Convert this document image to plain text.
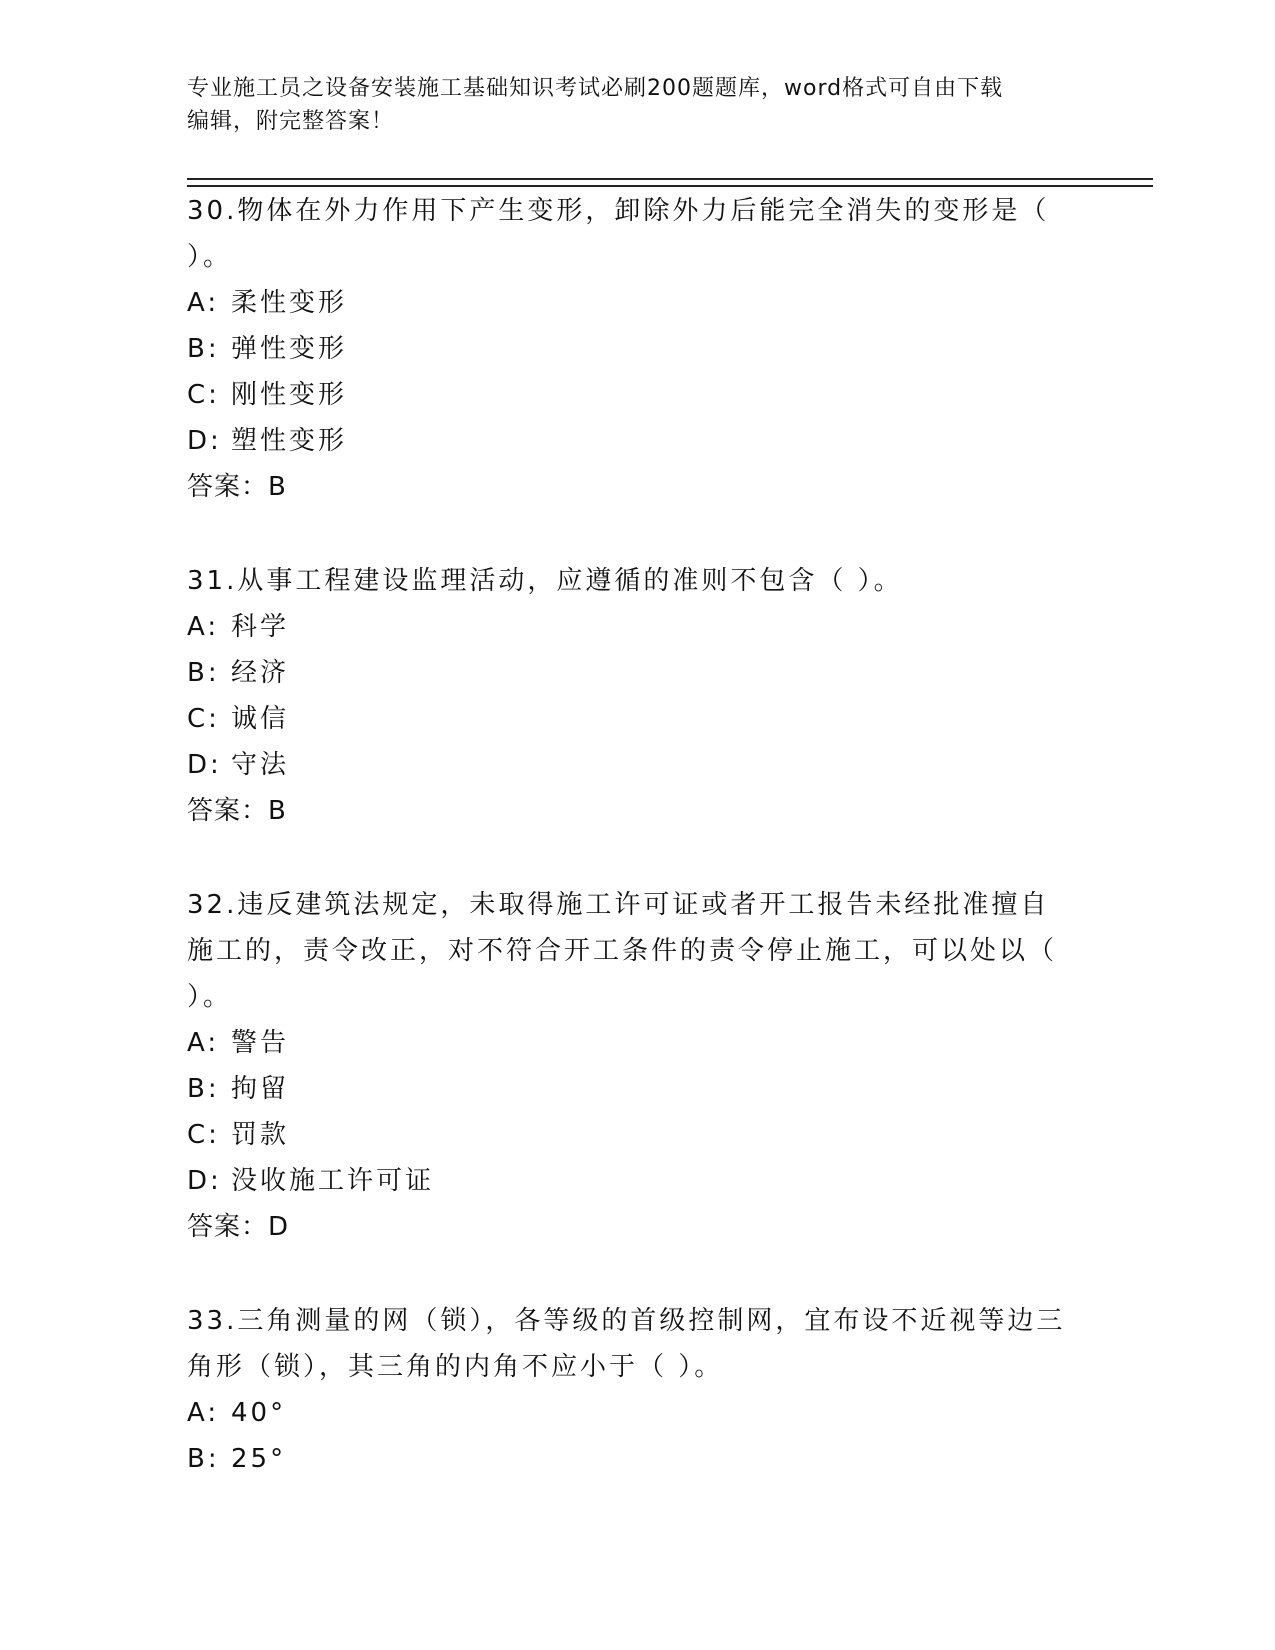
专业施工员之设备安装施工基础知识考试必刷200题题库，word格式可自由下载
编辑，附完整答案！
30.物体在外力作用下产生变形，卸除外力后能完全消失的变形是（ ）。
A: 柔性变形
B: 弹性变形
C: 刚性变形
D: 塑性变形
答案：B
31.从事工程建设监理活动，应遵循的准则不包含（ ）。
A: 科学
B: 经济
C: 诚信
D: 守法
答案：B
32.违反建筑法规定，未取得施工许可证或者开工报告未经批准擅自施工的，责令改正，对不符合开工条件的责令停止施工，可以处以（ ）。
A: 警告
B: 拘留
C: 罚款
D: 没收施工许可证
答案：D
33.三角测量的网（锁），各等级的首级控制网，宜布设不近视等边三角形（锁），其三角的内角不应小于（ ）。
A: 40°
B: 25°
